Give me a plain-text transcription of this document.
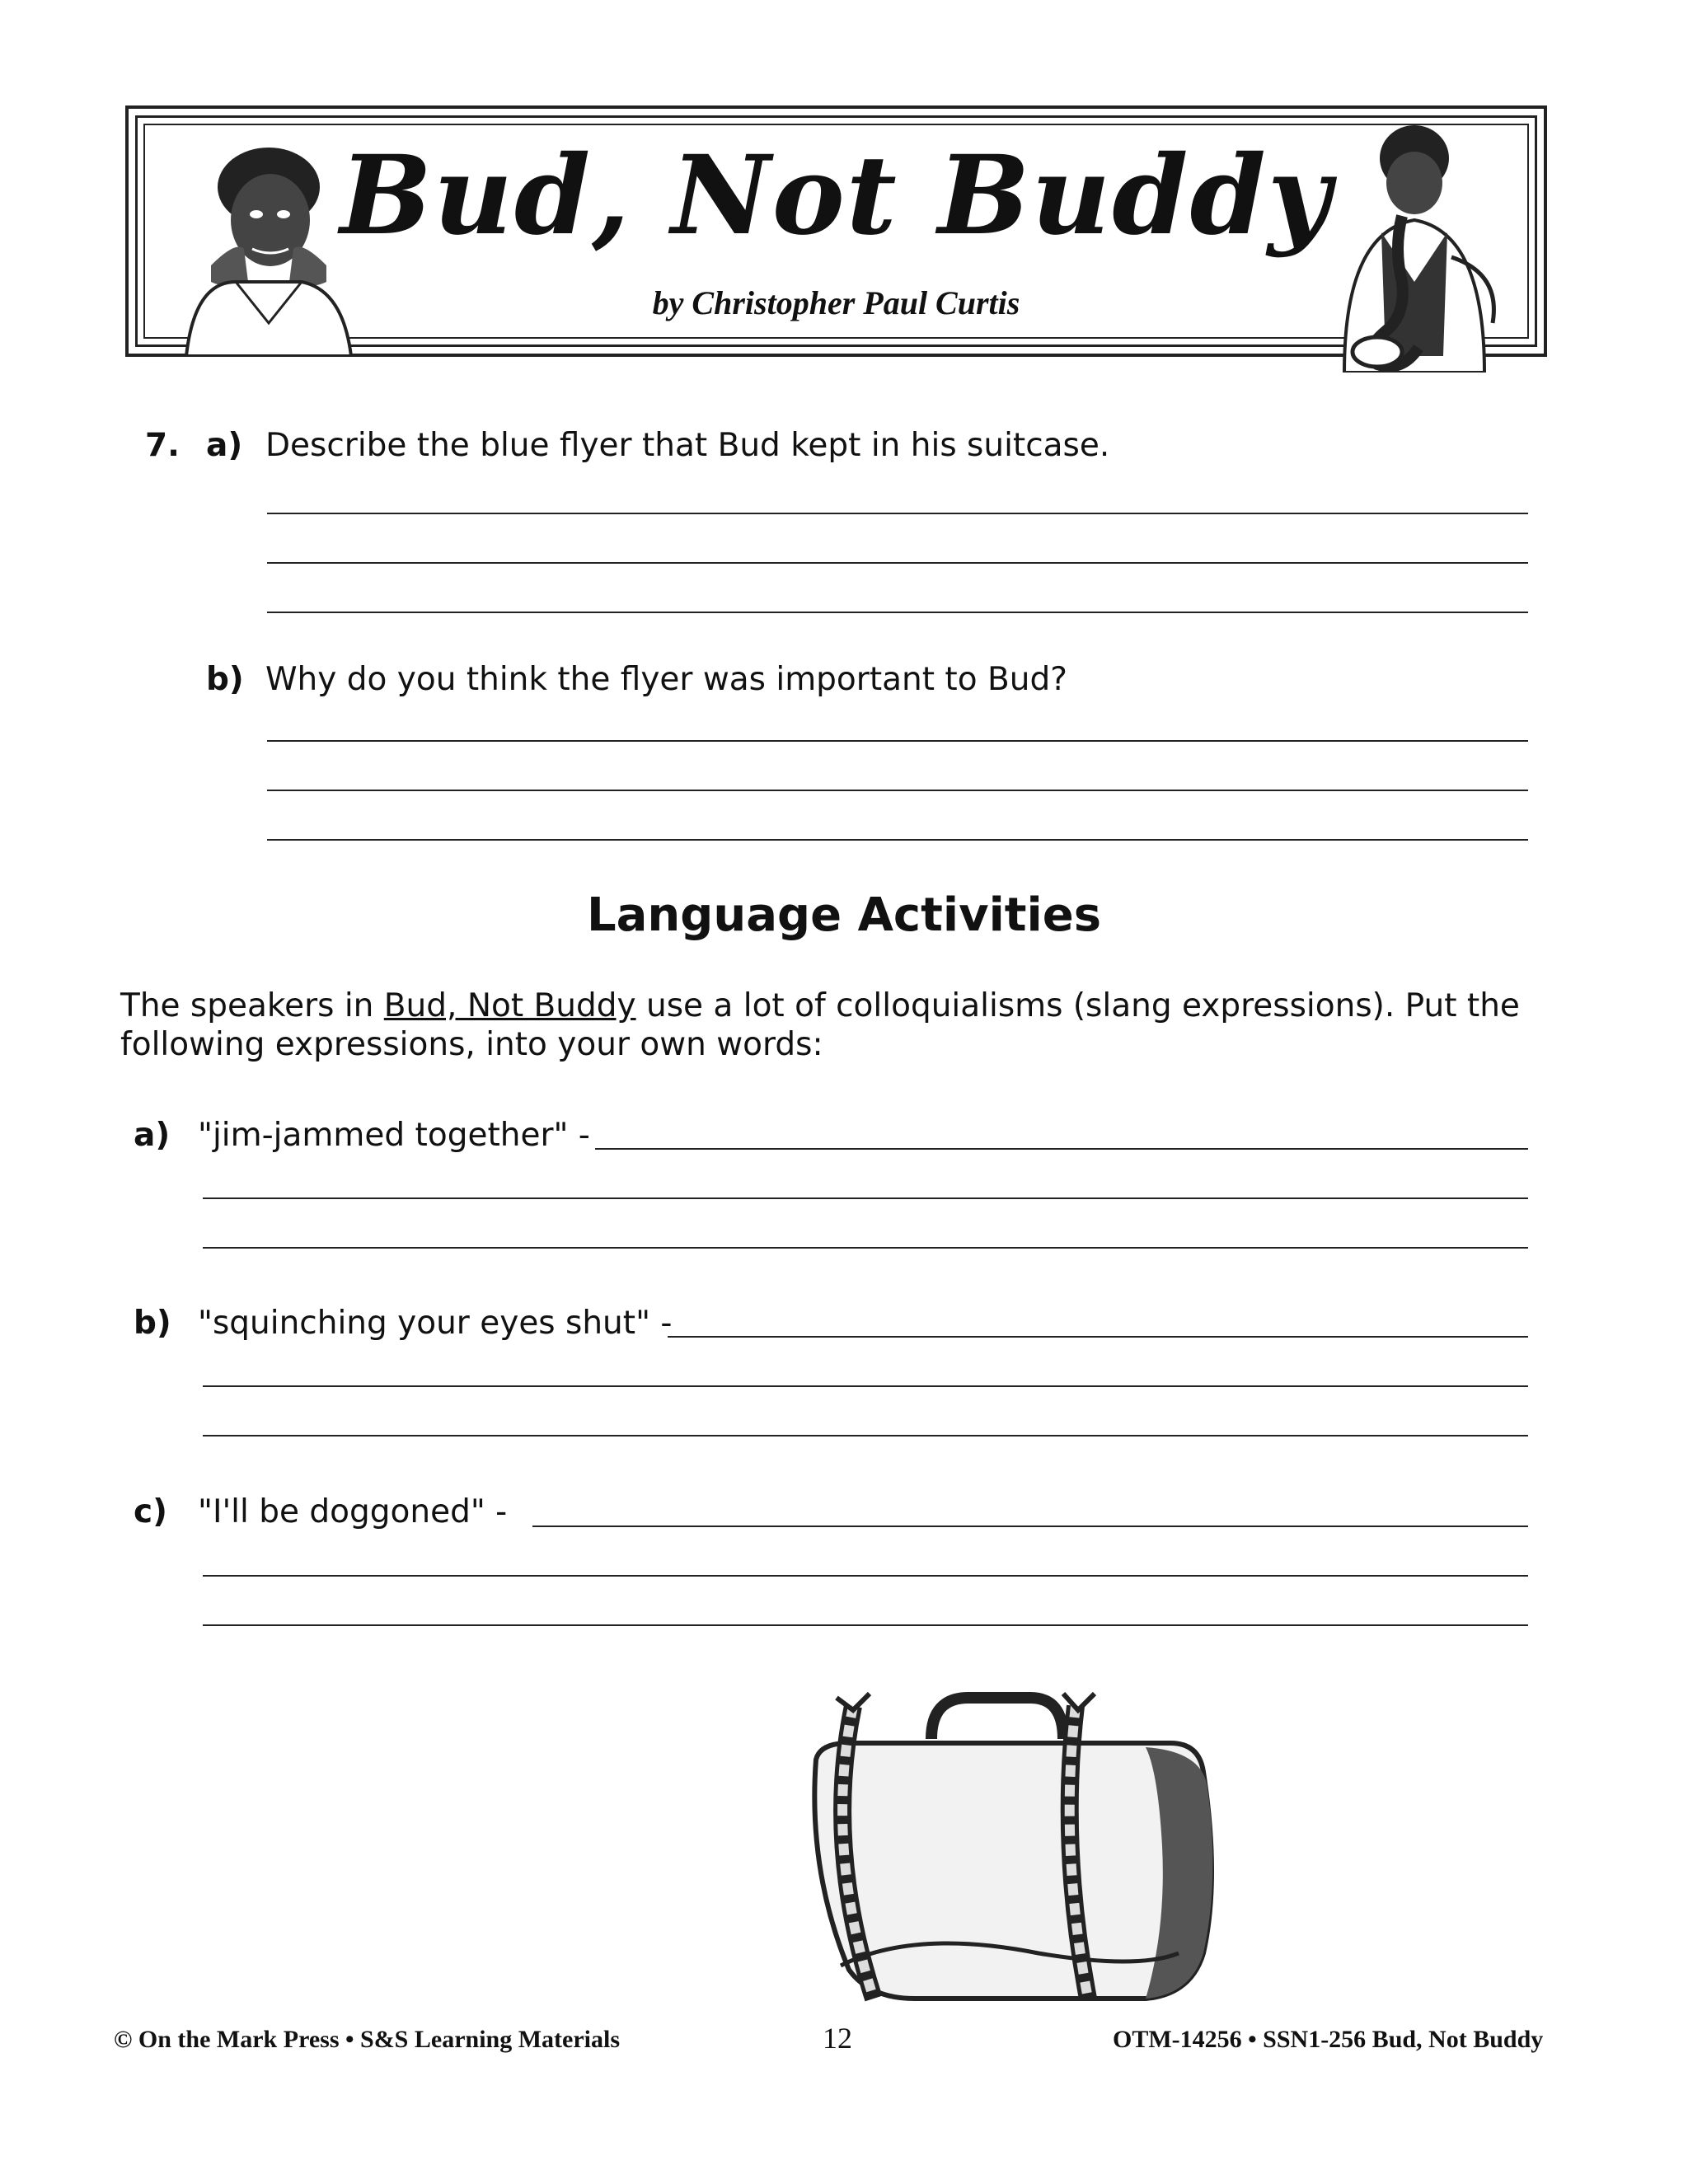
Bud, Not Buddy
by Christopher Paul Curtis
7. a) Describe the blue flyer that Bud kept in his suitcase.
b) Why do you think the flyer was important to Bud?
Language Activities
The speakers in Bud, Not Buddy use a lot of colloquialisms (slang expressions). Put the
following expressions, into your own words:
a) "jim-jammed together" -
b) "squinching your eyes shut" -
c) "I'll be doggoned" -
© On the Mark Press • S&S Learning Materials	12	OTM-14256 • SSN1-256 Bud, Not Buddy
